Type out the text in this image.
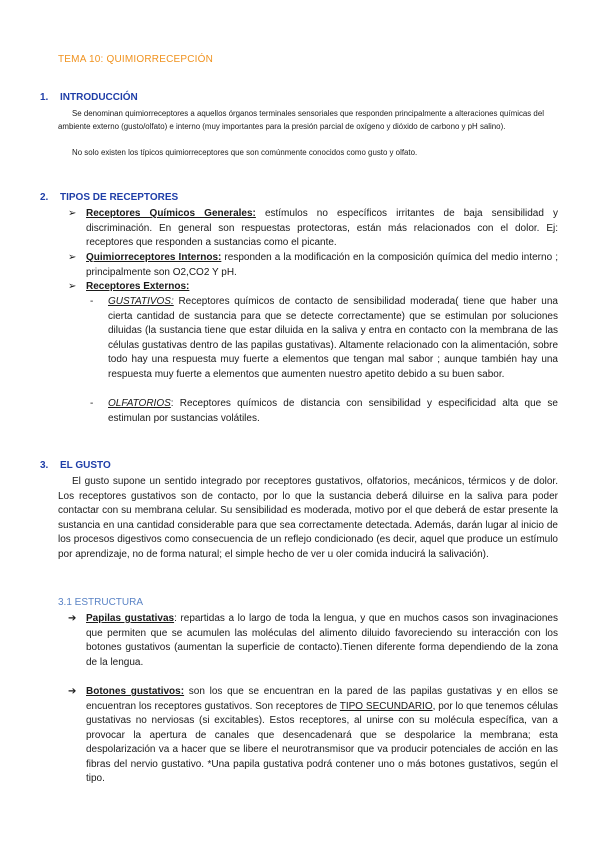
TEMA 10: QUIMIORRECEPCIÓN
1. INTRODUCCIÓN

Se denominan quimiorreceptores a aquellos órganos terminales sensoriales que responden principalmente a alteraciones químicas del ambiente externo (gusto/olfato) e interno (muy importantes para la presión parcial de oxígeno y dióxido de carbono y pH salino).

No solo existen los típicos quimiorreceptores que son comúnmente conocidos como gusto y olfato.

2. TIPOS DE RECEPTORES
➢ Receptores Químicos Generales: estímulos no específicos irritantes de baja sensibilidad y discriminación. En general son respuestas protectoras, están más relacionados con el dolor. Ej: receptores que responden a sustancias como el picante.

➢ Quimiorreceptores Internos: responden a la modificación en la composición química del medio interno ; principalmente son O2,CO2 Y pH.

➢ Receptores Externos:

- GUSTATIVOS: Receptores químicos de contacto de sensibilidad moderada( tiene que haber una cierta cantidad de sustancia para que se detecte correctamente) que se estimulan por soluciones diluidas (la sustancia tiene que estar diluida en la saliva y entra en contacto con la membrana de las células gustativas dentro de las papilas gustativas). Altamente relacionado con la alimentación, sobre todo hay una respuesta muy fuerte a elementos que tengan mal sabor ; aunque también hay una respuesta muy fuerte a elementos que aumenten nuestro apetito debido a su buen sabor.

- OLFATORIOS: Receptores químicos de distancia con sensibilidad y especificidad alta que se estimulan por sustancias volátiles.

3. EL GUSTO

El gusto supone un sentido integrado por receptores gustativos, olfatorios, mecánicos, térmicos y de dolor. Los receptores gustativos son de contacto, por lo que la sustancia deberá diluirse en la saliva para poder contactar con su membrana celular. Su sensibilidad es moderada, motivo por el que deberá de estar presente la sustancia en una cantidad considerable para que sea correctamente detectada. Además, darán lugar al inicio de los procesos digestivos como consecuencia de un reflejo condicionado (es decir, aquel que produce un estímulo por aprendizaje, no de forma natural; el simple hecho de ver u oler comida inducirá la salivación).

3.1 ESTRUCTURA
➔ Papilas gustativas: repartidas a lo largo de toda la lengua, y que en muchos casos son invaginaciones que permiten que se acumulen las moléculas del alimento diluido favoreciendo su interacción con los botones gustativos (aumentan la superficie de contacto).Tienen diferente forma dependiendo de la zona de la lengua.

➔ Botones gustativos: son los que se encuentran en la pared de las papilas gustativas y en ellos se encuentran los receptores gustativos. Son receptores de TIPO SECUNDARIO, por lo que tenemos células gustativas no nerviosas (si excitables). Estos receptores, al unirse con su molécula específica, van a provocar la apertura de canales que desencadenará que se despolarice la membrana; esta despolarización va a hacer que se libere el neurotransmisor que va producir potenciales de acción en las fibras del nervio gustativo. *Una papila gustativa podrá contener uno o más botones gustativos, según el tipo.
